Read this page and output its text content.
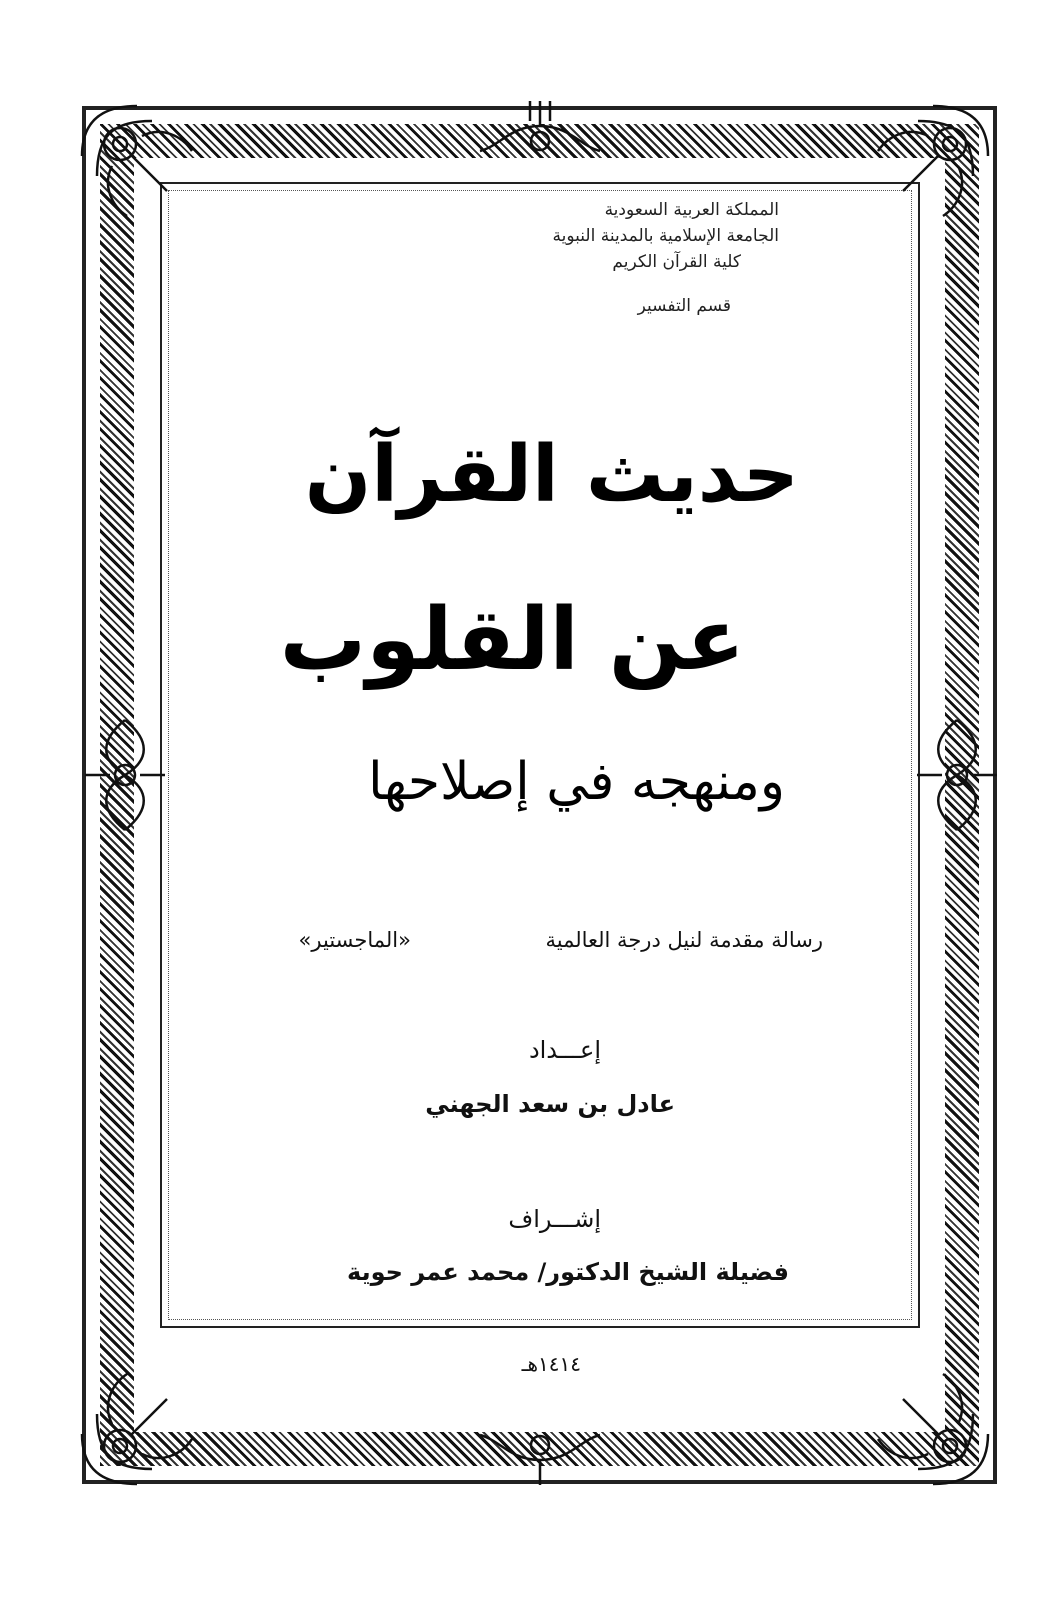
المملكة العربية السعودية
الجامعة الإسلامية بالمدينة النبوية
كلية القرآن الكريم
قسم التفسير
حديث القرآن
عن القلوب
ومنهجه في إصلاحها
رسالة مقدمة لنيل درجة العالمية
«الماجستير»
إعـــداد
عادل بن سعد الجهني
إشـــراف
فضيلة الشيخ الدكتور/ محمد عمر حوية
١٤١٤هـ
